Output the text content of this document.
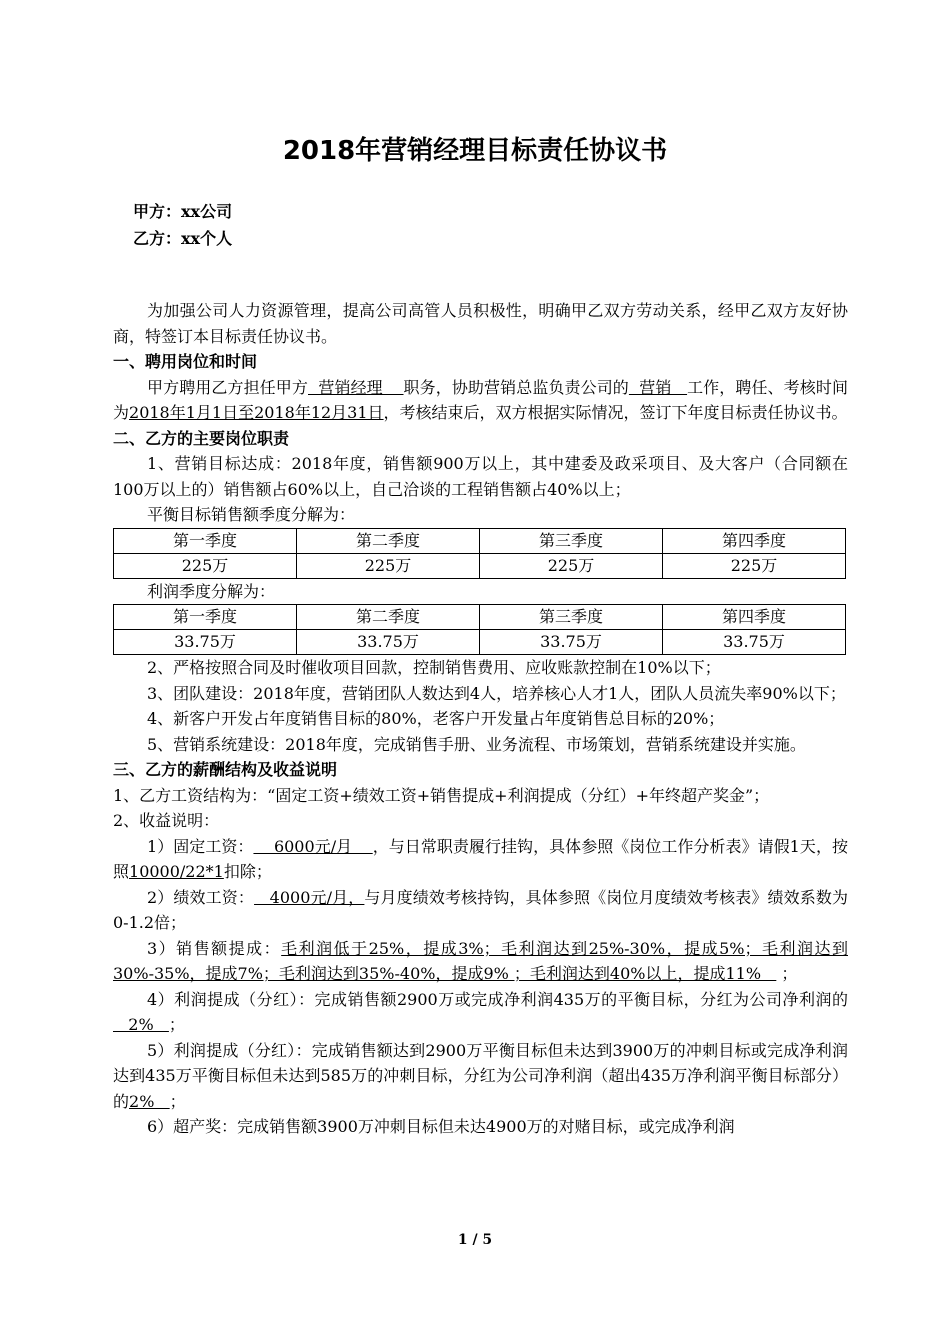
2018年营销经理目标责任协议书
甲方：xx公司
乙方：xx个人

为加强公司人力资源管理，提高公司高管人员积极性，明确甲乙双方劳动关系，经甲乙双方友好协商，特签订本目标责任协议书。

一、聘用岗位和时间

甲方聘用乙方担任甲方  营销经理    职务，协助营销总监负责公司的  营销   工作，聘任、考核时间为2018年1月1日至2018年12月31日，考核结束后，双方根据实际情况，签订下年度目标责任协议书。

二、乙方的主要岗位职责

1、营销目标达成：2018年度，销售额900万以上，其中建委及政采项目、及大客户（合同额在100万以上的）销售额占60%以上，自己洽谈的工程销售额占40%以上；

平衡目标销售额季度分解为：

第一季度	第二季度	第三季度	第四季度
225万	225万	225万	225万

利润季度分解为：

第一季度	第二季度	第三季度	第四季度
33.75万	33.75万	33.75万	33.75万

2、严格按照合同及时催收项目回款，控制销售费用、应收账款控制在10%以下；

3、团队建设：2018年度，营销团队人数达到4人，培养核心人才1人，团队人员流失率90%以下；

4、新客户开发占年度销售目标的80%，老客户开发量占年度销售总目标的20%；

5、营销系统建设：2018年度，完成销售手册、业务流程、市场策划，营销系统建设并实施。

三、乙方的薪酬结构及收益说明

1、乙方工资结构为：“固定工资+绩效工资+销售提成+利润提成（分红）+年终超产奖金”；

2、收益说明：

1）固定工资：    6000元/月    ，与日常职责履行挂钩，具体参照《岗位工作分析表》请假1天，按照10000/22*1扣除；

2）绩效工资：   4000元/月，与月度绩效考核持钩，具体参照《岗位月度绩效考核表》绩效系数为0-1.2倍；

3）销售额提成：毛利润低于25%，提成3%；毛利润达到25%-30%，提成5%；毛利润达到30%-35%，提成7%；毛利润达到35%-40%，提成9% ；毛利润达到40%以上，提成11%    ；

4）利润提成（分红）：完成销售额2900万或完成净利润435万的平衡目标，分红为公司净利润的   2%   ；

5）利润提成（分红）：完成销售额达到2900万平衡目标但未达到3900万的冲刺目标或完成净利润达到435万平衡目标但未达到585万的冲刺目标，分红为公司净利润（超出435万净利润平衡目标部分）的2%   ；

6）超产奖：完成销售额3900万冲刺目标但未达4900万的对赌目标，或完成净利润

1 / 5
